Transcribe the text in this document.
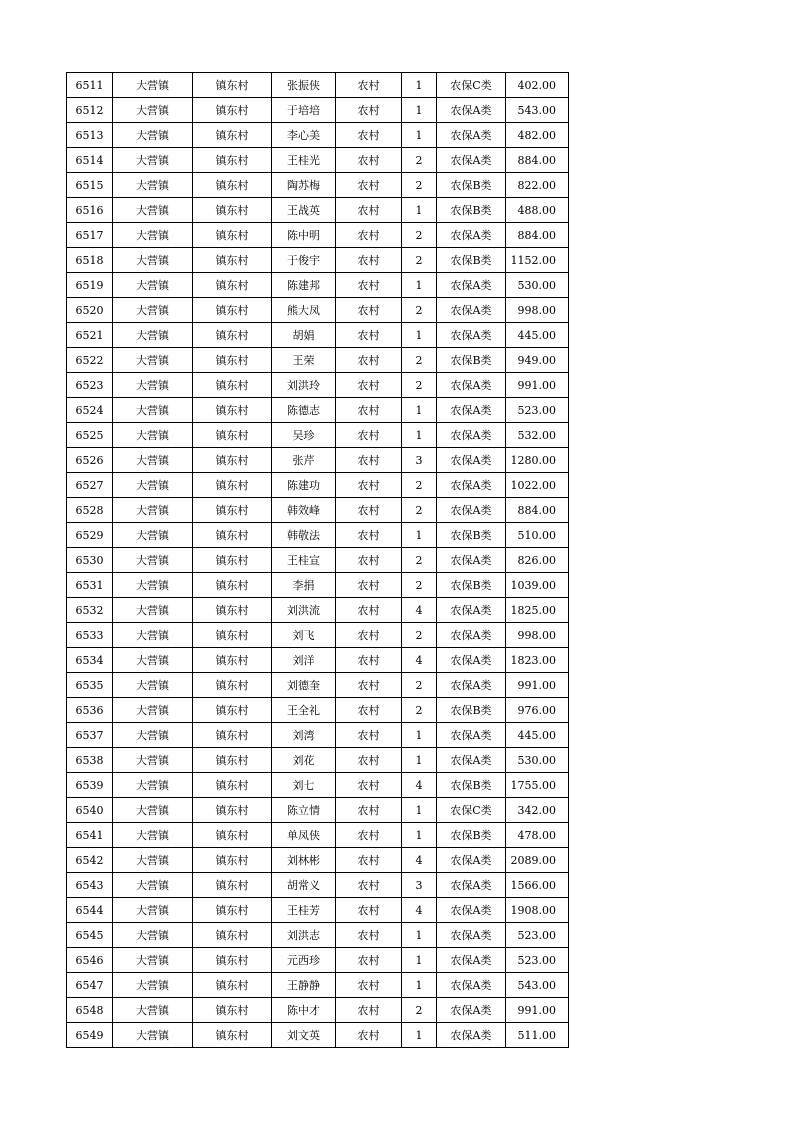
6511	大营镇	镇东村	张振侠	农村	1	农保C类	402.00
6512	大营镇	镇东村	于培培	农村	1	农保A类	543.00
6513	大营镇	镇东村	李心美	农村	1	农保A类	482.00
6514	大营镇	镇东村	王桂光	农村	2	农保A类	884.00
6515	大营镇	镇东村	陶苏梅	农村	2	农保B类	822.00
6516	大营镇	镇东村	王战英	农村	1	农保B类	488.00
6517	大营镇	镇东村	陈中明	农村	2	农保A类	884.00
6518	大营镇	镇东村	于俊宇	农村	2	农保B类	1152.00
6519	大营镇	镇东村	陈建邦	农村	1	农保A类	530.00
6520	大营镇	镇东村	熊大凤	农村	2	农保A类	998.00
6521	大营镇	镇东村	胡娟	农村	1	农保A类	445.00
6522	大营镇	镇东村	王荣	农村	2	农保B类	949.00
6523	大营镇	镇东村	刘洪玲	农村	2	农保A类	991.00
6524	大营镇	镇东村	陈德志	农村	1	农保A类	523.00
6525	大营镇	镇东村	吴珍	农村	1	农保A类	532.00
6526	大营镇	镇东村	张芹	农村	3	农保A类	1280.00
6527	大营镇	镇东村	陈建功	农村	2	农保A类	1022.00
6528	大营镇	镇东村	韩效峰	农村	2	农保A类	884.00
6529	大营镇	镇东村	韩敬法	农村	1	农保B类	510.00
6530	大营镇	镇东村	王桂宣	农村	2	农保A类	826.00
6531	大营镇	镇东村	李捐	农村	2	农保B类	1039.00
6532	大营镇	镇东村	刘洪流	农村	4	农保A类	1825.00
6533	大营镇	镇东村	刘飞	农村	2	农保A类	998.00
6534	大营镇	镇东村	刘洋	农村	4	农保A类	1823.00
6535	大营镇	镇东村	刘德奎	农村	2	农保A类	991.00
6536	大营镇	镇东村	王全礼	农村	2	农保B类	976.00
6537	大营镇	镇东村	刘湾	农村	1	农保A类	445.00
6538	大营镇	镇东村	刘花	农村	1	农保A类	530.00
6539	大营镇	镇东村	刘七	农村	4	农保B类	1755.00
6540	大营镇	镇东村	陈立情	农村	1	农保C类	342.00
6541	大营镇	镇东村	单凤侠	农村	1	农保B类	478.00
6542	大营镇	镇东村	刘林彬	农村	4	农保A类	2089.00
6543	大营镇	镇东村	胡常义	农村	3	农保A类	1566.00
6544	大营镇	镇东村	王桂芳	农村	4	农保A类	1908.00
6545	大营镇	镇东村	刘洪志	农村	1	农保A类	523.00
6546	大营镇	镇东村	元西珍	农村	1	农保A类	523.00
6547	大营镇	镇东村	王静静	农村	1	农保A类	543.00
6548	大营镇	镇东村	陈中才	农村	2	农保A类	991.00
6549	大营镇	镇东村	刘文英	农村	1	农保A类	511.00
